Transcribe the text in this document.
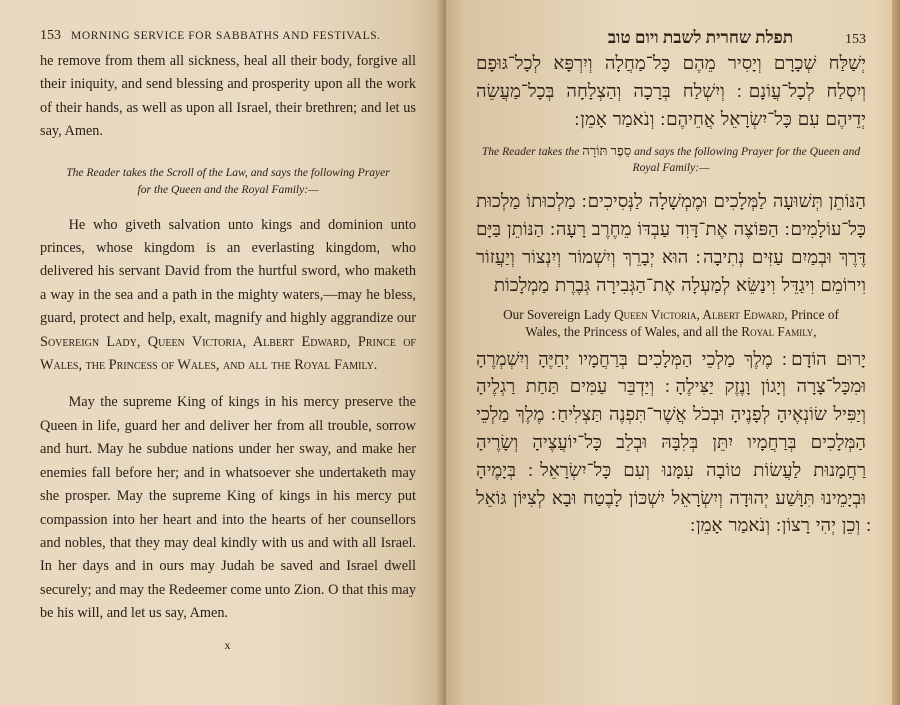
153 MORNING SERVICE FOR SABBATHS AND FESTIVALS.

he remove from them all sickness, heal all their body, forgive all their iniquity, and send blessing and prosperity upon all the work of their hands, as well as upon all Israel, their brethren; and let us say, Amen.

The Reader takes the Scroll of the Law, and says the following Prayer for the Queen and the Royal Family:—

He who giveth salvation unto kings and dominion unto princes, whose kingdom is an everlasting kingdom, who delivered his servant David from the hurtful sword, who maketh a way in the sea and a path in the mighty waters,—may he bless, guard, protect and help, exalt, magnify and highly aggrandize our Sovereign Lady, Queen Victoria, Albert Edward, Prince of Wales, the Princess of Wales, and all the Royal Family.

May the supreme King of kings in his mercy preserve the Queen in life, guard her and deliver her from all trouble, sorrow and hurt. May he subdue nations under her sway, and make her enemies fall before her; and in whatsoever she undertaketh may she prosper. May the supreme King of kings in his mercy put compassion into her heart and into the hearts of her counsellors and nobles, that they may deal kindly with us and with all Israel. In her days and in ours may Judah be saved and Israel dwell securely; and may the Redeemer come unto Zion. O that this may be his will, and let us say, Amen.

x
תפלת שחרית לשבת ויום טוב	153

יְשַׁלַּח שְׁכָרָם וְיָסִיר מֵהֶם כָּל־מַחֲלָה וְיִרְפָּא לְכָל־גּוּפָם וְיִסְלַח לְכָל־עֲוֹנָם ׃ וְיִשְׁלַח בְּרָכָה וְהַצְלָחָה בְּכָל־מַעֲשֵׂה יְדֵיהֶם עִם כָּל־יִשְׂרָאֵל אֲחֵיהֶם ׃ וְנֹאמַר אָמֵן ׃

The Reader takes the סֵפֶר תּוֹרָה and says the following Prayer for the Queen and Royal Family:—

הַנּוֹתֵן תְּשׁוּעָה לַמְּלָכִים וּמֶמְשָׁלָה לַנְּסִיכִים ׃ מַלְכוּתוֹ מַלְכוּת כָּל־עוֹלָמִים ׃ הַפּוֹצֶה אֶת־דָּוִד עַבְדּוֹ מֵחֶרֶב רָעָה ׃ הַנּוֹתֵן בַּיָּם דֶּרֶךְ וּבְמַיִם עַזִּים נְתִיבָה ׃ הוּא יְבָרֵךְ וְיִשְׁמוֹר וְיִנְצוֹר וְיַעֲזוֹר וִירוֹמֵם וִיגַדֵּל וִינַשֵּׂא לְמַעְלָה אֶת־הַגְּבִירָה גְּבֶרֶת מַמְלָכוֹת

Our Sovereign Lady Queen Victoria, Albert Edward, Prince of Wales, the Princess of Wales, and all the Royal Family,

יָרוּם הוֹדָם ׃ מֶלֶךְ מַלְכֵי הַמְּלָכִים בְּרַחֲמָיו יְחַיֶּהָ וְיִשְׁמְרֶהָ וּמִכָּל־צָרָה וְיָגוֹן וָנֶזֶק יַצִּילֶהָ ׃ וְיַדְבֵּר עַמִּים תַּחַת רַגְלֶיהָ וְיַפִּיל שׂוֹנְאֶיהָ לְפָנֶיהָ וּבְכֹל אֲשֶׁר־תִּפְנֶה תַּצְלִיחַ ׃ מֶלֶךְ מַלְכֵי הַמְּלָכִים בְּרַחֲמָיו יִתֵּן בְּלִבָּהּ וּבְלֵב כָּל־יוֹעֲצֶיהָ וְשָׂרֶיהָ רַחֲמָנוּת לַעֲשׂוֹת טוֹבָה עִמָּנוּ וְעִם כָּל־יִשְׂרָאֵל ׃ בְּיָמֶיהָ וּבְיָמֵינוּ תִּוָּשַׁע יְהוּדָה וְיִשְׂרָאֵל יִשְׁכּוֹן לָבֶטַח וּבָא לְצִיּוֹן גּוֹאֵל ׃ וְכֵן יְהִי רָצוֹן ׃ וְנֹאמַר אָמֵן ׃
